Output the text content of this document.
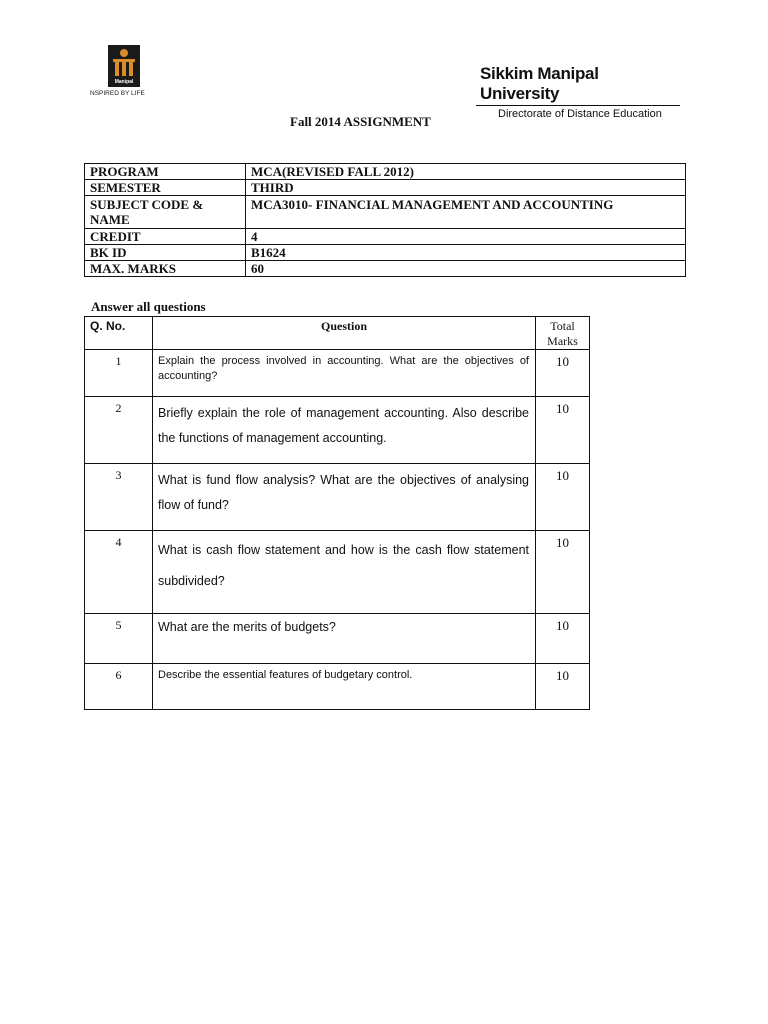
Manipal
NSPIRED BY LIFE
Sikkim Manipal University
Directorate of Distance Education
Fall 2014 ASSIGNMENT
PROGRAM	MCA(REVISED FALL 2012)
SEMESTER	THIRD
SUBJECT CODE & NAME	MCA3010- FINANCIAL MANAGEMENT AND ACCOUNTING
CREDIT	4
BK ID	B1624
MAX. MARKS	60
Answer all questions
Q. No.	Question	Total Marks
1	Explain the process involved in accounting. What are the objectives of accounting?	10
2	Briefly explain the role of management accounting. Also describe the functions of management accounting.	10
3	What is fund flow analysis? What are the objectives of analysing flow of fund?	10
4	What is cash flow statement and how is the cash flow statement subdivided?	10
5	What are the merits of budgets?	10
6	Describe the essential features of budgetary control.	10
